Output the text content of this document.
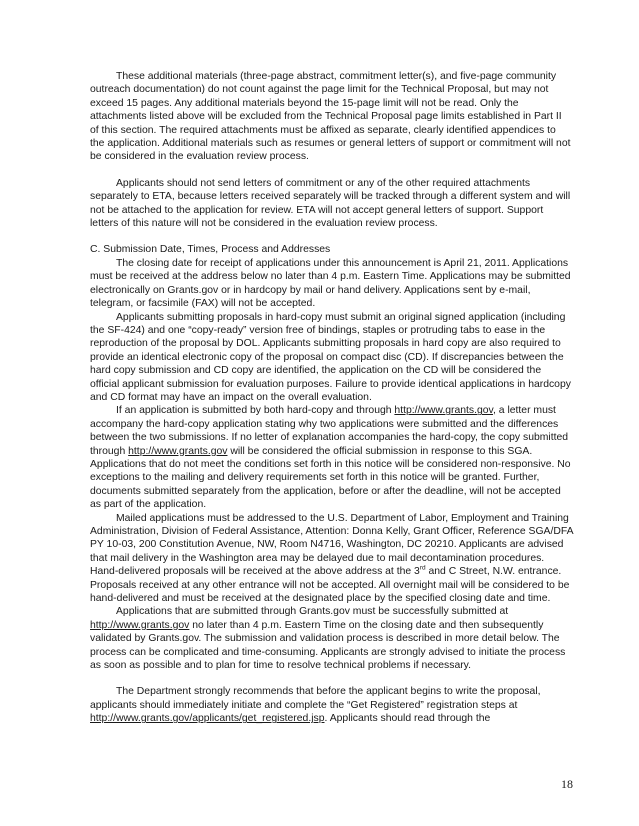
These additional materials (three-page abstract, commitment letter(s), and five-page community outreach documentation) do not count against the page limit for the Technical Proposal, but may not exceed 15 pages. Any additional materials beyond the 15-page limit will not be read. Only the attachments listed above will be excluded from the Technical Proposal page limits established in Part II of this section. The required attachments must be affixed as separate, clearly identified appendices to the application. Additional materials such as resumes or general letters of support or commitment will not be considered in the evaluation review process.

Applicants should not send letters of commitment or any of the other required attachments separately to ETA, because letters received separately will be tracked through a different system and will not be attached to the application for review. ETA will not accept general letters of support. Support letters of this nature will not be considered in the evaluation review process.

C. Submission Date, Times, Process and Addresses

The closing date for receipt of applications under this announcement is April 21, 2011. Applications must be received at the address below no later than 4 p.m. Eastern Time. Applications may be submitted electronically on Grants.gov or in hardcopy by mail or hand delivery. Applications sent by e-mail, telegram, or facsimile (FAX) will not be accepted.

Applicants submitting proposals in hard-copy must submit an original signed application (including the SF-424) and one “copy-ready” version free of bindings, staples or protruding tabs to ease in the reproduction of the proposal by DOL. Applicants submitting proposals in hard copy are also required to provide an identical electronic copy of the proposal on compact disc (CD). If discrepancies between the hard copy submission and CD copy are identified, the application on the CD will be considered the official applicant submission for evaluation purposes. Failure to provide identical applications in hardcopy and CD format may have an impact on the overall evaluation.

If an application is submitted by both hard-copy and through http://www.grants.gov, a letter must accompany the hard-copy application stating why two applications were submitted and the differences between the two submissions. If no letter of explanation accompanies the hard-copy, the copy submitted through http://www.grants.gov will be considered the official submission in response to this SGA. Applications that do not meet the conditions set forth in this notice will be considered non-responsive. No exceptions to the mailing and delivery requirements set forth in this notice will be granted. Further, documents submitted separately from the application, before or after the deadline, will not be accepted as part of the application.

Mailed applications must be addressed to the U.S. Department of Labor, Employment and Training Administration, Division of Federal Assistance, Attention: Donna Kelly, Grant Officer, Reference SGA/DFA PY 10-03, 200 Constitution Avenue, NW, Room N4716, Washington, DC 20210. Applicants are advised that mail delivery in the Washington area may be delayed due to mail decontamination procedures. Hand-delivered proposals will be received at the above address at the 3rd and C Street, N.W. entrance. Proposals received at any other entrance will not be accepted. All overnight mail will be considered to be hand-delivered and must be received at the designated place by the specified closing date and time.

Applications that are submitted through Grants.gov must be successfully submitted at http://www.grants.gov no later than 4 p.m. Eastern Time on the closing date and then subsequently validated by Grants.gov. The submission and validation process is described in more detail below. The process can be complicated and time-consuming. Applicants are strongly advised to initiate the process as soon as possible and to plan for time to resolve technical problems if necessary.

The Department strongly recommends that before the applicant begins to write the proposal, applicants should immediately initiate and complete the “Get Registered” registration steps at http://www.grants.gov/applicants/get_registered.jsp. Applicants should read through the

18
